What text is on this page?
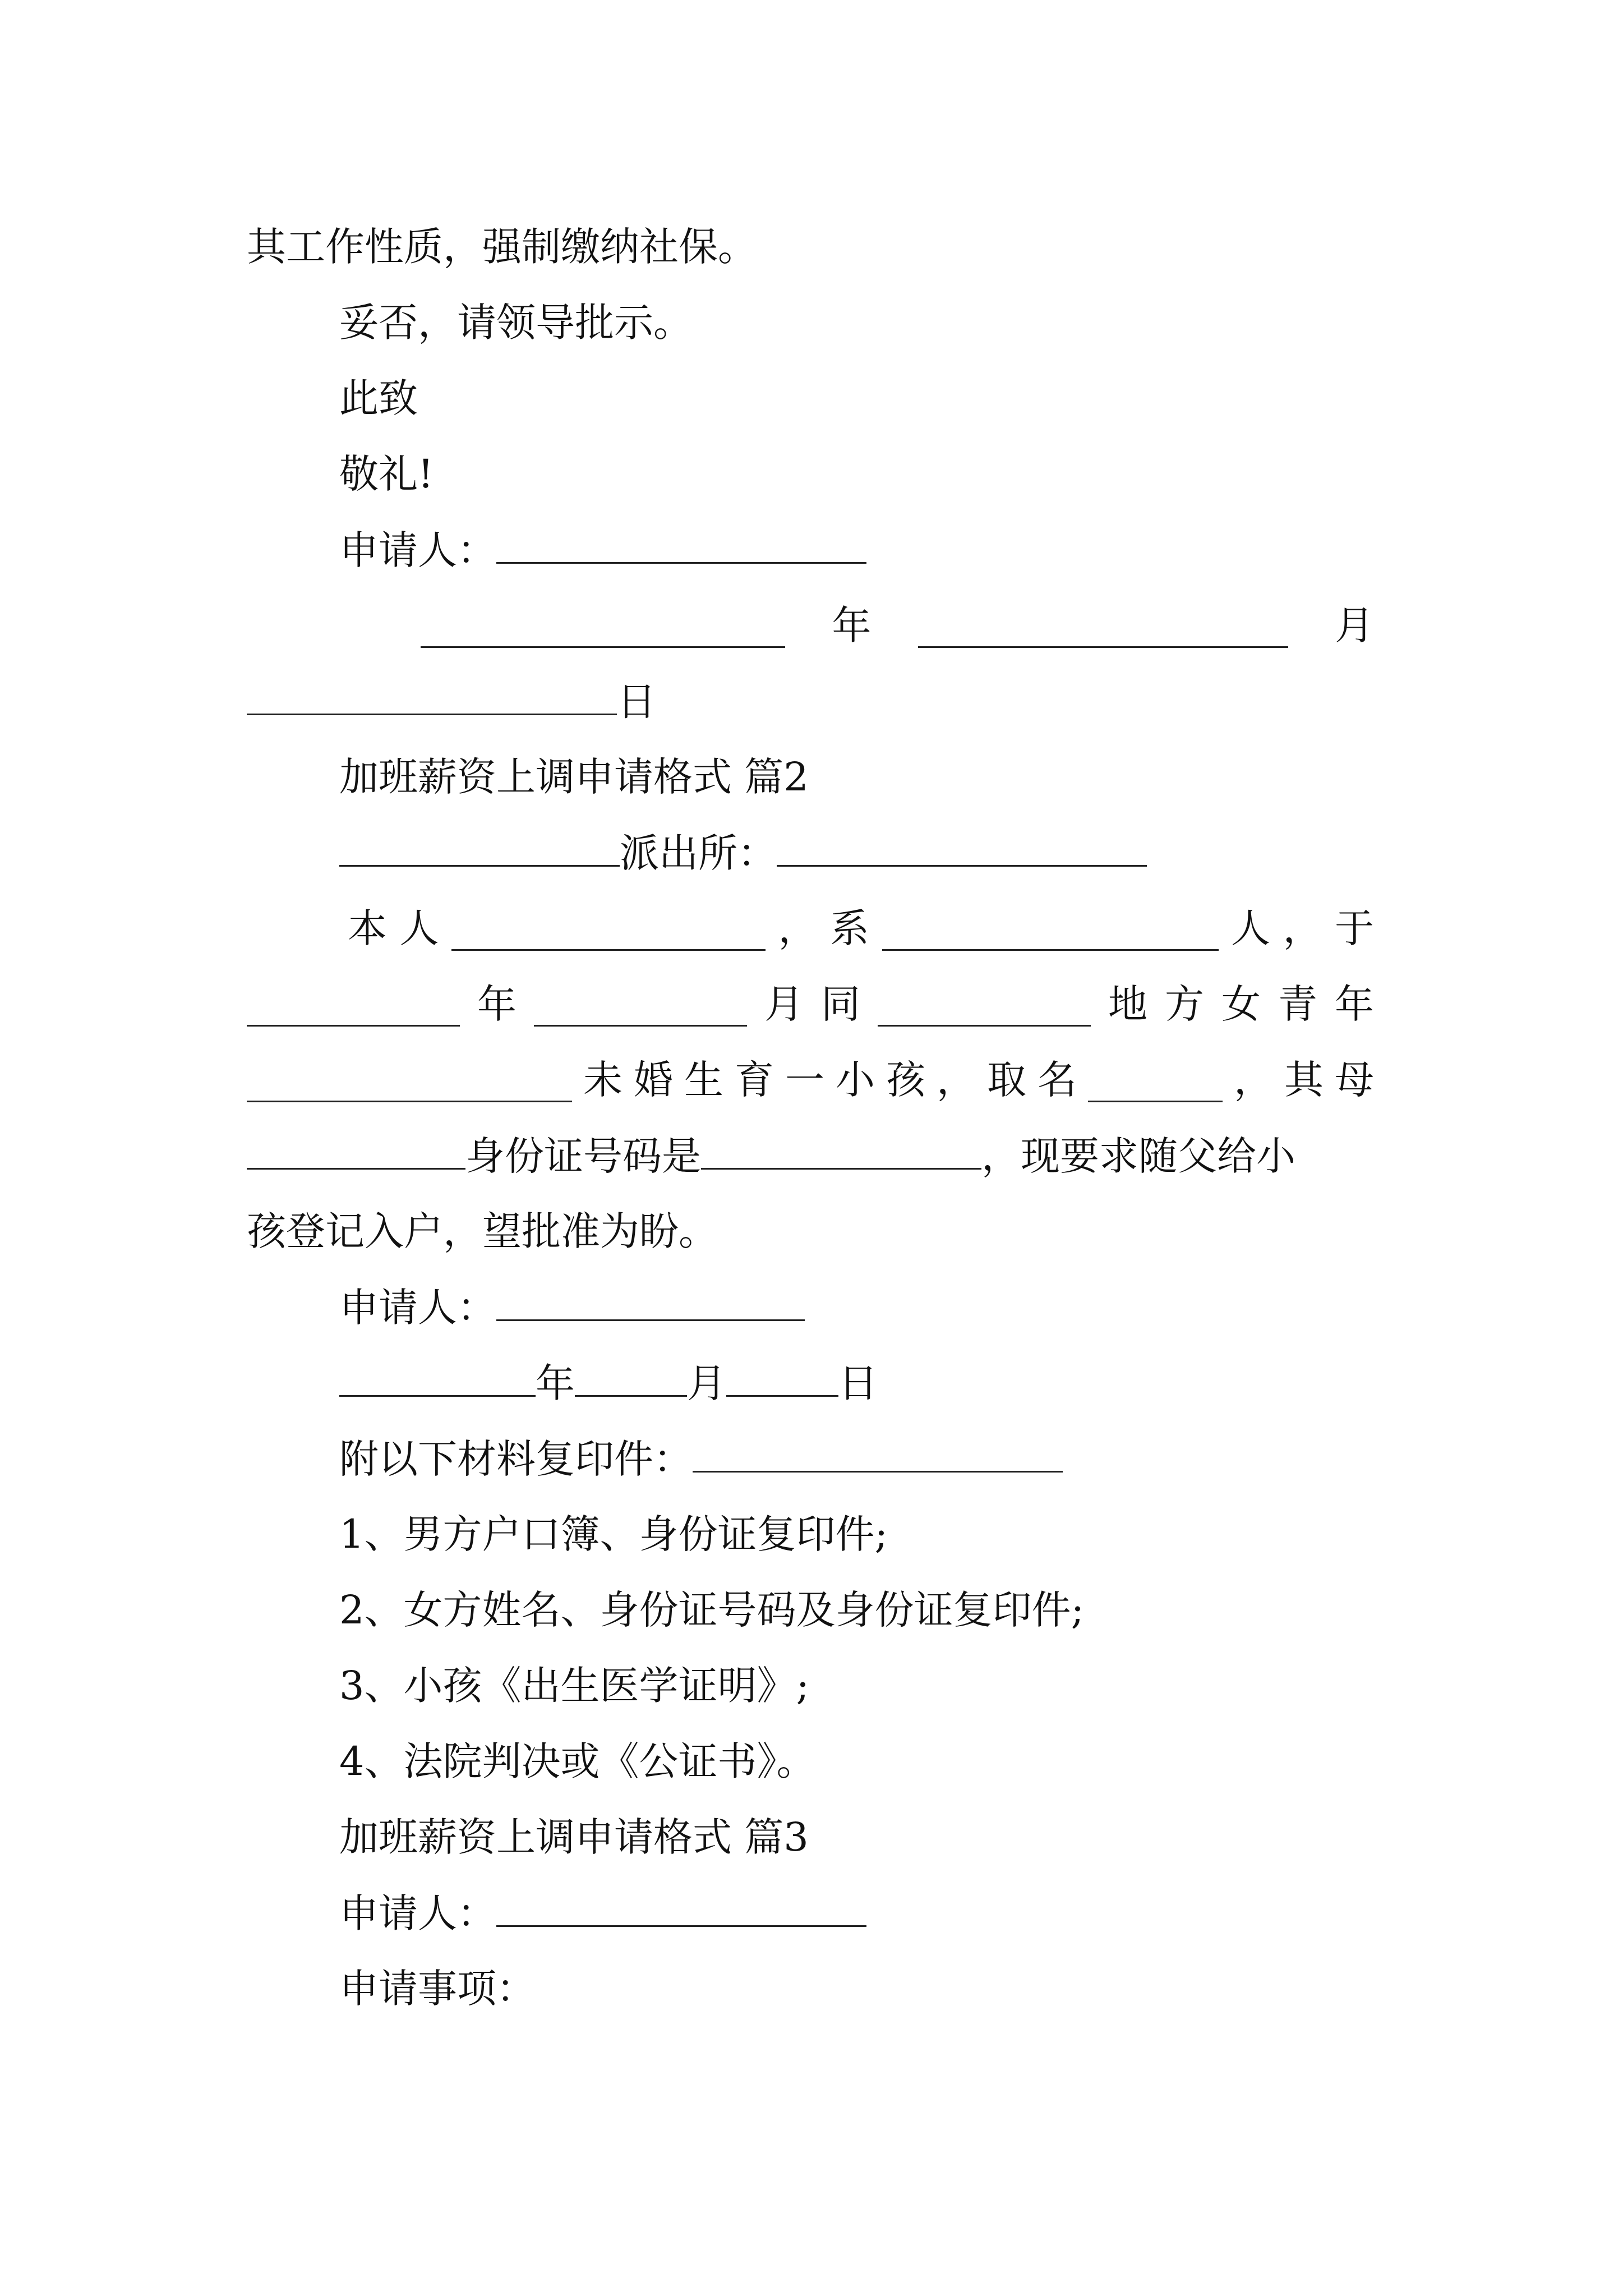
其工作性质，强制缴纳社保。
妥否，请领导批示。
此致
敬礼!
申请人：
年	月
日
加班薪资上调申请格式 篇2
派出所：
本 人	， 系	人 ， 于
年	月 同	地 方 女 青 年
未 婚 生 育 一 小 孩 ， 取 名	， 其 母
身份证号码是	，现要求随父给小
孩登记入户，望批准为盼。
申请人：
年	月	日
附以下材料复印件：
1、男方户口簿、身份证复印件;
2、女方姓名、身份证号码及身份证复印件;
3、小孩《出生医学证明》;
4、法院判决或《公证书》。
加班薪资上调申请格式 篇3
申请人：
申请事项：
